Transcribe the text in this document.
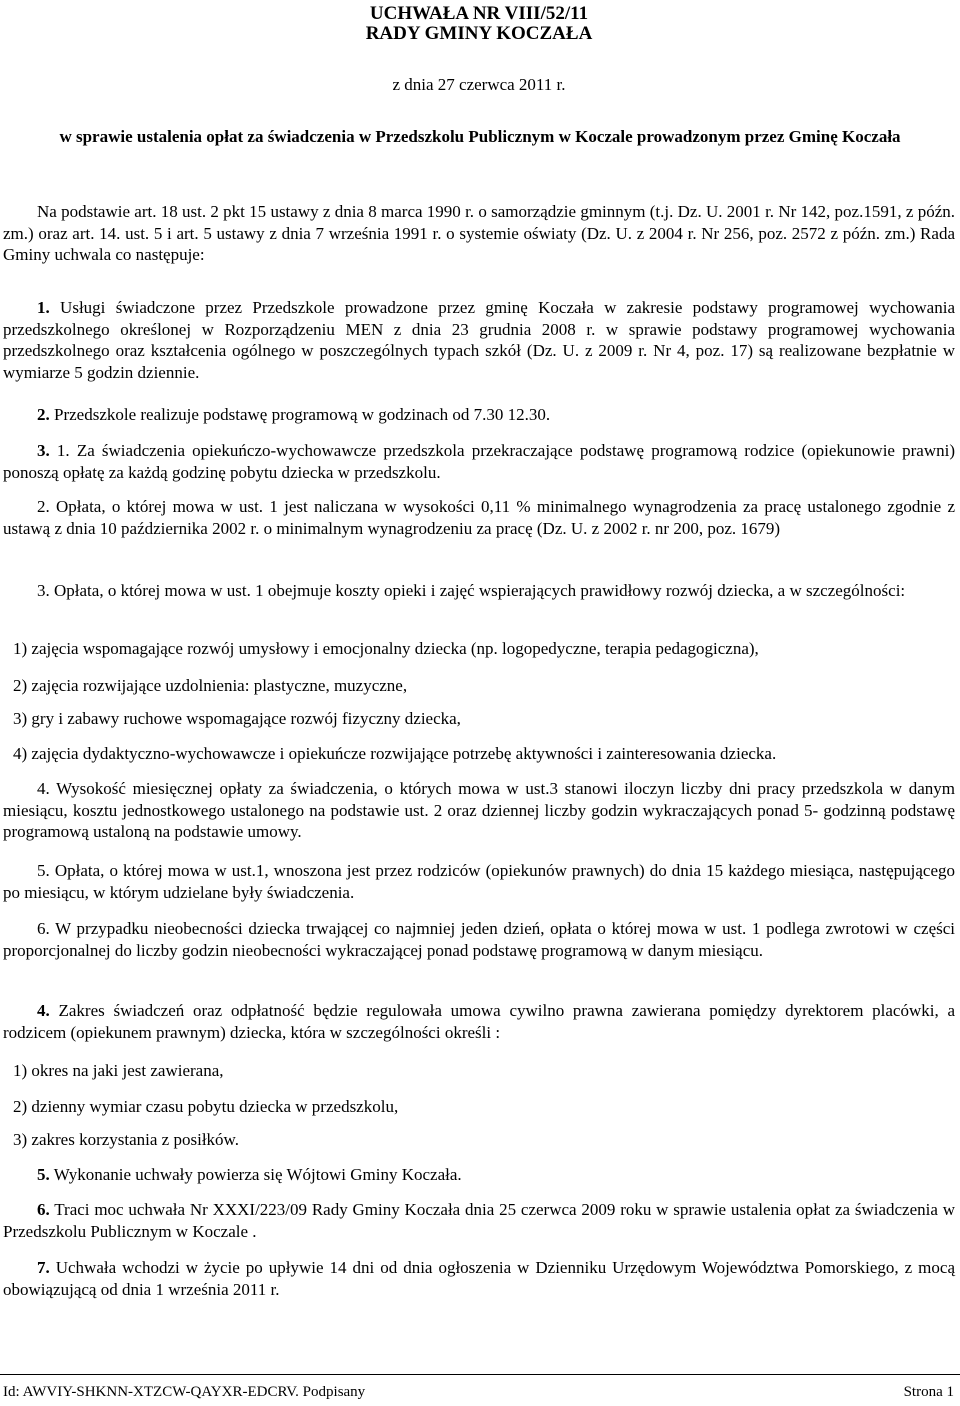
UCHWAŁA NR VIII/52/11
RADY GMINY KOCZAŁA
z dnia 27 czerwca 2011 r.
w sprawie ustalenia opłat za świadczenia w Przedszkolu Publicznym w Koczale prowadzonym przez Gminę Koczała

Na podstawie art. 18 ust. 2 pkt 15 ustawy z dnia 8 marca 1990 r. o samorządzie gminnym (t.j. Dz. U. 2001 r. Nr 142, poz.1591, z późn. zm.) oraz art. 14. ust. 5 i art. 5 ustawy z dnia 7 września 1991 r. o systemie oświaty (Dz. U. z 2004 r. Nr 256, poz. 2572 z późn. zm.) Rada Gminy uchwala co następuje:

1. Usługi świadczone przez Przedszkole prowadzone przez gminę Koczała w zakresie podstawy programowej wychowania przedszkolnego określonej w Rozporządzeniu MEN z dnia 23 grudnia 2008 r. w sprawie podstawy programowej wychowania przedszkolnego oraz kształcenia ogólnego w poszczególnych typach szkół (Dz. U. z 2009 r. Nr 4, poz. 17) są realizowane bezpłatnie w wymiarze 5 godzin dziennie.

2. Przedszkole realizuje podstawę programową w godzinach od 7.30 12.30.

3. 1. Za świadczenia opiekuńczo-wychowawcze przedszkola przekraczające podstawę programową rodzice (opiekunowie prawni) ponoszą opłatę za każdą godzinę pobytu dziecka w przedszkolu.

2. Opłata, o której mowa w ust. 1 jest naliczana w wysokości 0,11 % minimalnego wynagrodzenia za pracę ustalonego zgodnie z ustawą z dnia 10 października 2002 r. o minimalnym wynagrodzeniu za pracę (Dz. U. z 2002 r. nr 200, poz. 1679)

3. Opłata, o której mowa w ust. 1 obejmuje koszty opieki i zajęć wspierających prawidłowy rozwój dziecka, a w szczególności:

1) zajęcia wspomagające rozwój umysłowy i emocjonalny dziecka (np. logopedyczne, terapia pedagogiczna),

2) zajęcia rozwijające uzdolnienia: plastyczne, muzyczne,

3) gry i zabawy ruchowe wspomagające rozwój fizyczny dziecka,

4) zajęcia dydaktyczno-wychowawcze i opiekuńcze rozwijające potrzebę aktywności i zainteresowania dziecka.

4. Wysokość miesięcznej opłaty za świadczenia, o których mowa w ust.3 stanowi iloczyn liczby dni pracy przedszkola w danym miesiącu, kosztu jednostkowego ustalonego na podstawie ust. 2 oraz dziennej liczby godzin wykraczających ponad 5- godzinną podstawę programową ustaloną na podstawie umowy.

5. Opłata, o której mowa w ust.1, wnoszona jest przez rodziców (opiekunów prawnych) do dnia 15 każdego miesiąca, następującego po miesiącu, w którym udzielane były świadczenia.

6. W przypadku nieobecności dziecka trwającej co najmniej jeden dzień, opłata o której mowa w ust. 1 podlega zwrotowi w części proporcjonalnej do liczby godzin nieobecności wykraczającej ponad podstawę programową w danym miesiącu.

4. Zakres świadczeń oraz odpłatność będzie regulowała umowa cywilno prawna zawierana pomiędzy dyrektorem placówki, a rodzicem (opiekunem prawnym) dziecka, która w szczególności określi :

1) okres na jaki jest zawierana,

2) dzienny wymiar czasu pobytu dziecka w przedszkolu,

3) zakres korzystania z posiłków.

5. Wykonanie uchwały powierza się Wójtowi Gminy Koczała.

6. Traci moc uchwała Nr XXXI/223/09 Rady Gminy Koczała dnia 25 czerwca 2009 roku w sprawie ustalenia opłat za świadczenia w Przedszkolu Publicznym w Koczale .

7. Uchwała wchodzi w życie po upływie 14 dni od dnia ogłoszenia w Dzienniku Urzędowym Województwa Pomorskiego, z mocą obowiązującą od dnia 1 września 2011 r.

Id: AWVIY-SHKNN-XTZCW-QAYXR-EDCRV. Podpisany	Strona 1
